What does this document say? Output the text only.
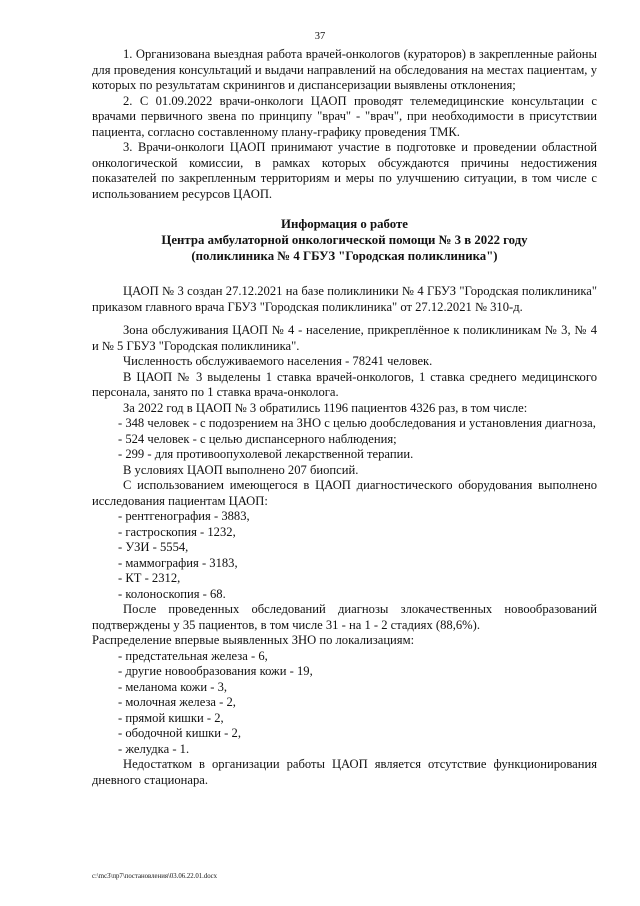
37

1. Организована выездная работа врачей-онкологов (кураторов) в закрепленные районы для проведения консультаций и выдачи направлений на обследования на местах пациентам, у которых по результатам скринингов и диспансеризации выявлены отклонения;

2. С 01.09.2022 врачи-онкологи ЦАОП проводят телемедицинские консультации с врачами первичного звена по принципу "врач" - "врач", при необходимости в присутствии пациента, согласно составленному плану-графику проведения ТМК.

3. Врачи-онкологи ЦАОП принимают участие в подготовке и проведении областной онкологической комиссии, в рамках которых обсуждаются причины недостижения показателей по закрепленным территориям и меры по улучшению ситуации, в том числе с использованием ресурсов ЦАОП.

Информация о работе

Центра амбулаторной онкологической помощи № 3 в 2022 году

(поликлиника № 4 ГБУЗ "Городская поликлиника")

ЦАОП № 3 создан 27.12.2021 на базе поликлиники № 4 ГБУЗ "Городская поликлиника" приказом главного врача ГБУЗ "Городская поликлиника" от 27.12.2021 № 310-д.

Зона обслуживания ЦАОП № 4 - население, прикреплённое к поликлиникам № 3, № 4 и № 5 ГБУЗ "Городская поликлиника".

Численность обслуживаемого населения - 78241 человек.

В ЦАОП № 3 выделены 1 ставка врачей-онкологов, 1 ставка среднего медицинского персонала, занято по 1 ставка врача-онколога.

За 2022 год в ЦАОП № 3 обратились 1196 пациентов 4326 раз, в том числе:

- 348 человек - с подозрением на ЗНО с целью дообследования и установления диагноза,

- 524 человек - с целью диспансерного наблюдения;

- 299 - для противоопухолевой лекарственной терапии.

В условиях ЦАОП выполнено 207 биопсий.

С использованием имеющегося в ЦАОП диагностического оборудования выполнено исследования пациентам ЦАОП:

- рентгенография - 3883,

- гастроскопия - 1232,

- УЗИ - 5554,

- маммография - 3183,

- КТ - 2312,

- колоноскопия - 68.

После проведенных обследований диагнозы злокачественных новообразований подтверждены у 35 пациентов, в том числе 31 - на 1 - 2 стадиях (88,6%).

Распределение впервые выявленных ЗНО по локализациям:

- предстательная железа - 6,

- другие новообразования кожи - 19,

- меланома кожи - 3,

- молочная железа - 2,

- прямой кишки - 2,

- ободочной кишки - 2,

- желудка - 1.

Недостатком в организации работы ЦАОП является отсутствие функционирования дневного стационара.

c:\mc3\пр7\постановления\03.06.22.01.docx
